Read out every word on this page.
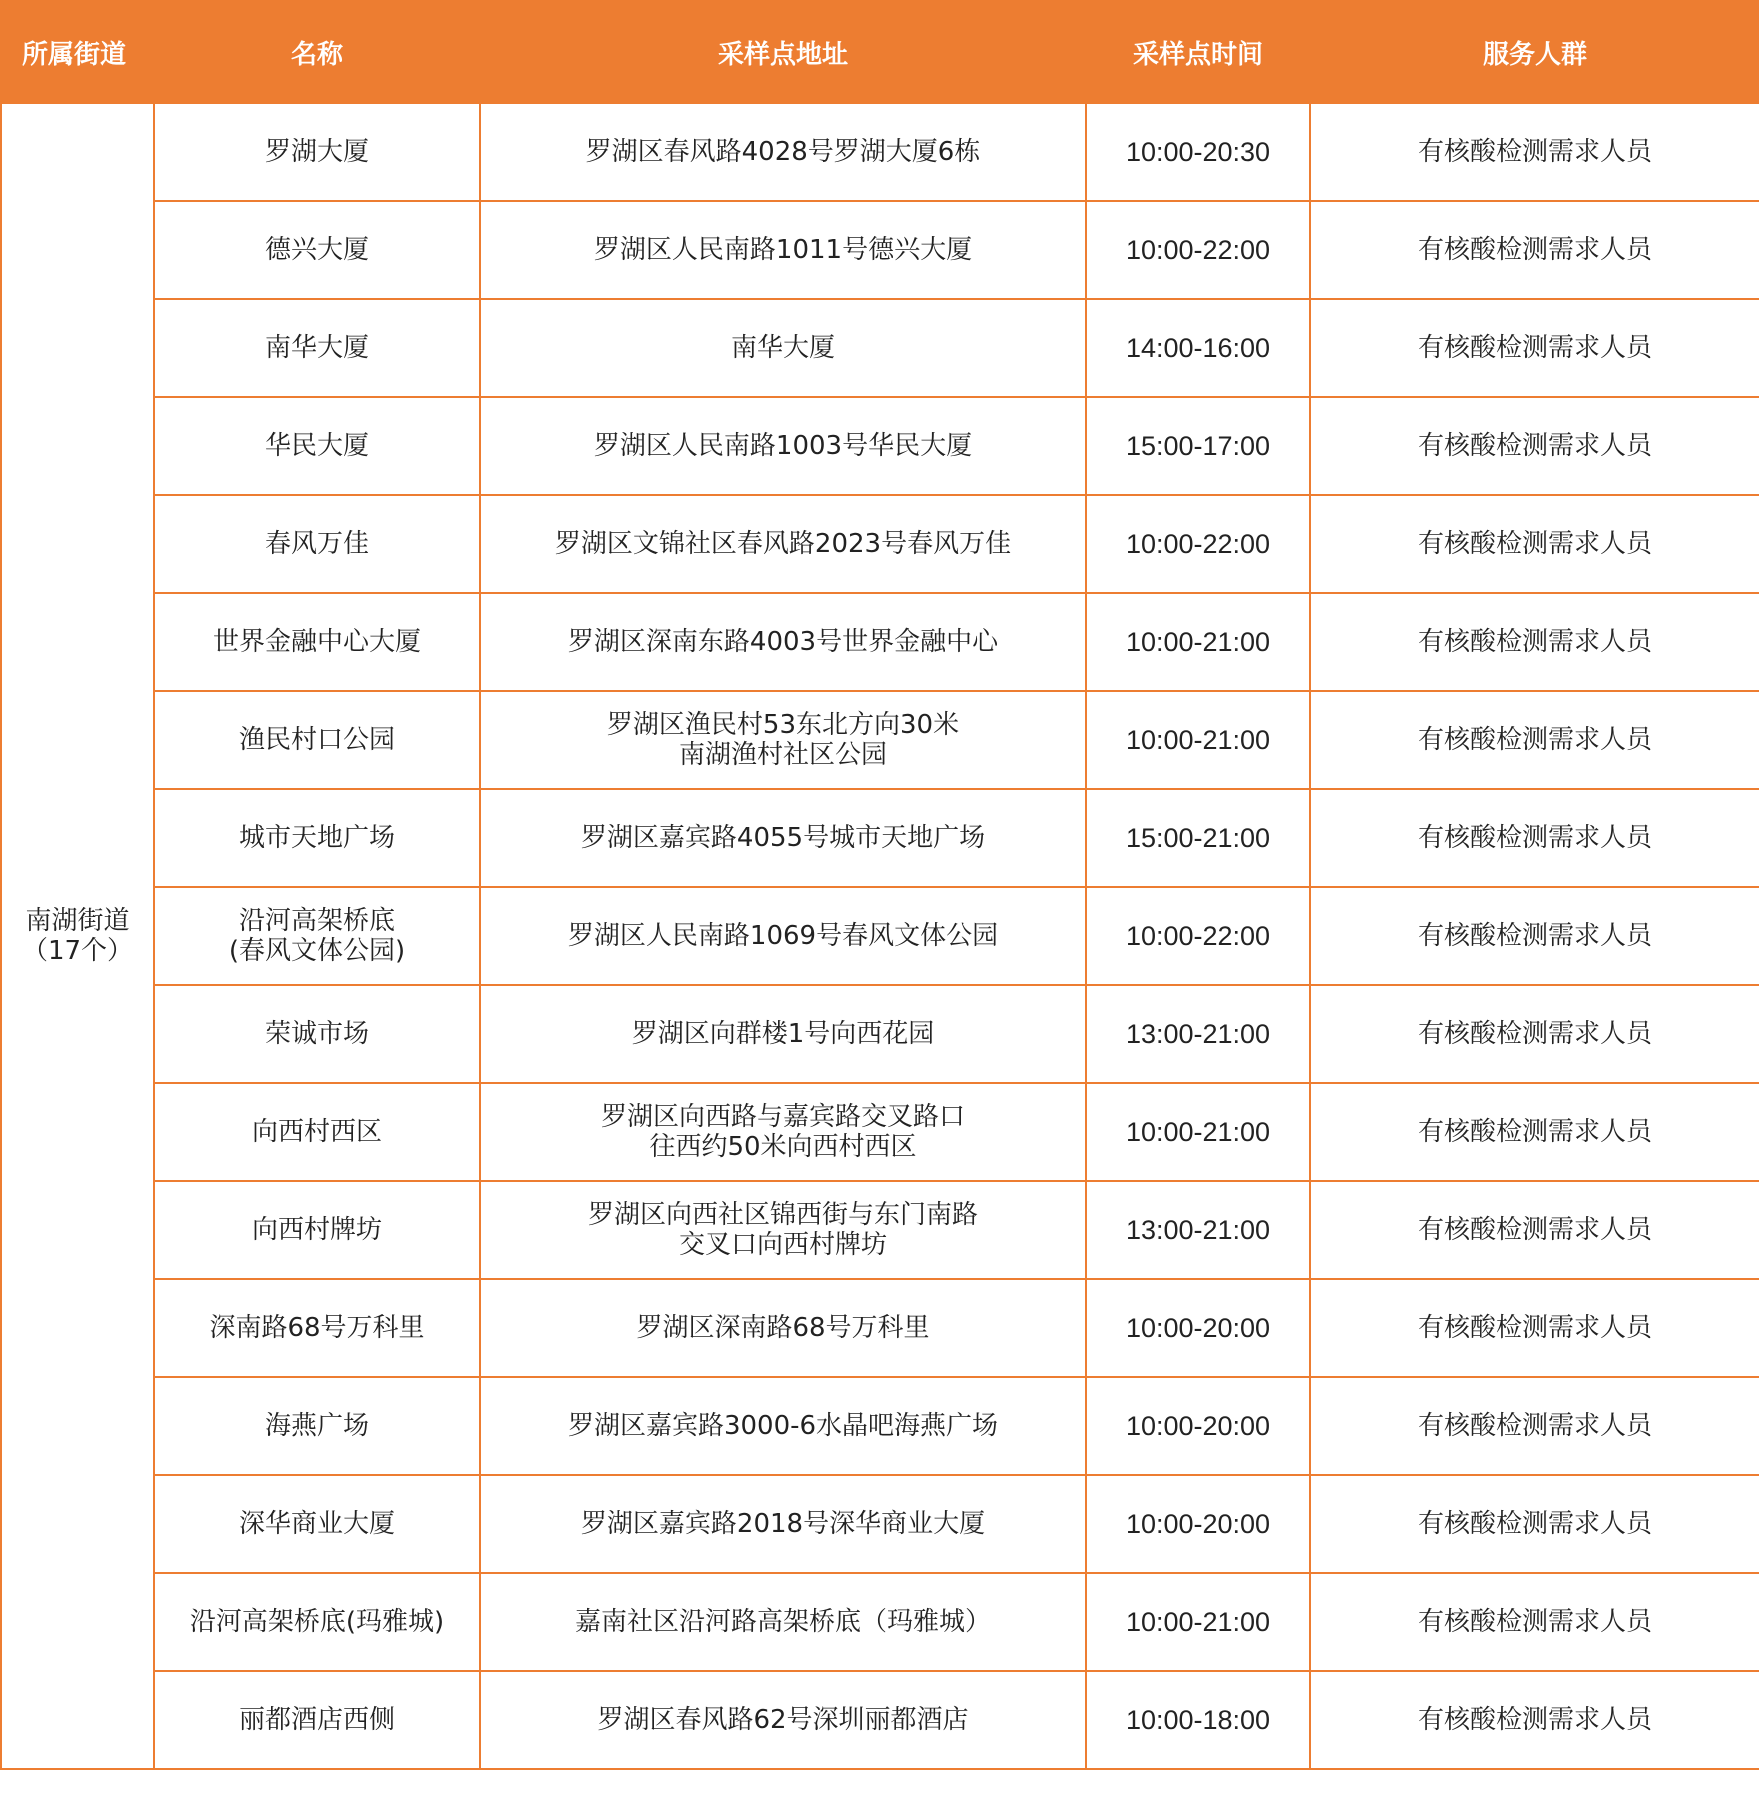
所属街道	名称	采样点地址	采样点时间	服务人群

南湖街道
（17个）	罗湖大厦	罗湖区春风路4028号罗湖大厦6栋	10:00-20:30	有核酸检测需求人员

	德兴大厦	罗湖区人民南路1011号德兴大厦	10:00-22:00	有核酸检测需求人员

	南华大厦	南华大厦	14:00-16:00	有核酸检测需求人员

	华民大厦	罗湖区人民南路1003号华民大厦	15:00-17:00	有核酸检测需求人员

	春风万佳	罗湖区文锦社区春风路2023号春风万佳	10:00-22:00	有核酸检测需求人员

	世界金融中心大厦	罗湖区深南东路4003号世界金融中心	10:00-21:00	有核酸检测需求人员

	渔民村口公园	罗湖区渔民村53东北方向30米
南湖渔村社区公园	10:00-21:00	有核酸检测需求人员

	城市天地广场	罗湖区嘉宾路4055号城市天地广场	15:00-21:00	有核酸检测需求人员

	沿河高架桥底
(春风文体公园)	罗湖区人民南路1069号春风文体公园	10:00-22:00	有核酸检测需求人员

	荣诚市场	罗湖区向群楼1号向西花园	13:00-21:00	有核酸检测需求人员

	向西村西区	罗湖区向西路与嘉宾路交叉路口
往西约50米向西村西区	10:00-21:00	有核酸检测需求人员

	向西村牌坊	罗湖区向西社区锦西街与东门南路
交叉口向西村牌坊	13:00-21:00	有核酸检测需求人员

	深南路68号万科里	罗湖区深南路68号万科里	10:00-20:00	有核酸检测需求人员

	海燕广场	罗湖区嘉宾路3000-6水晶吧海燕广场	10:00-20:00	有核酸检测需求人员

	深华商业大厦	罗湖区嘉宾路2018号深华商业大厦	10:00-20:00	有核酸检测需求人员

	沿河高架桥底(玛雅城)	嘉南社区沿河路高架桥底（玛雅城）	10:00-21:00	有核酸检测需求人员

	丽都酒店西侧	罗湖区春风路62号深圳丽都酒店	10:00-18:00	有核酸检测需求人员
